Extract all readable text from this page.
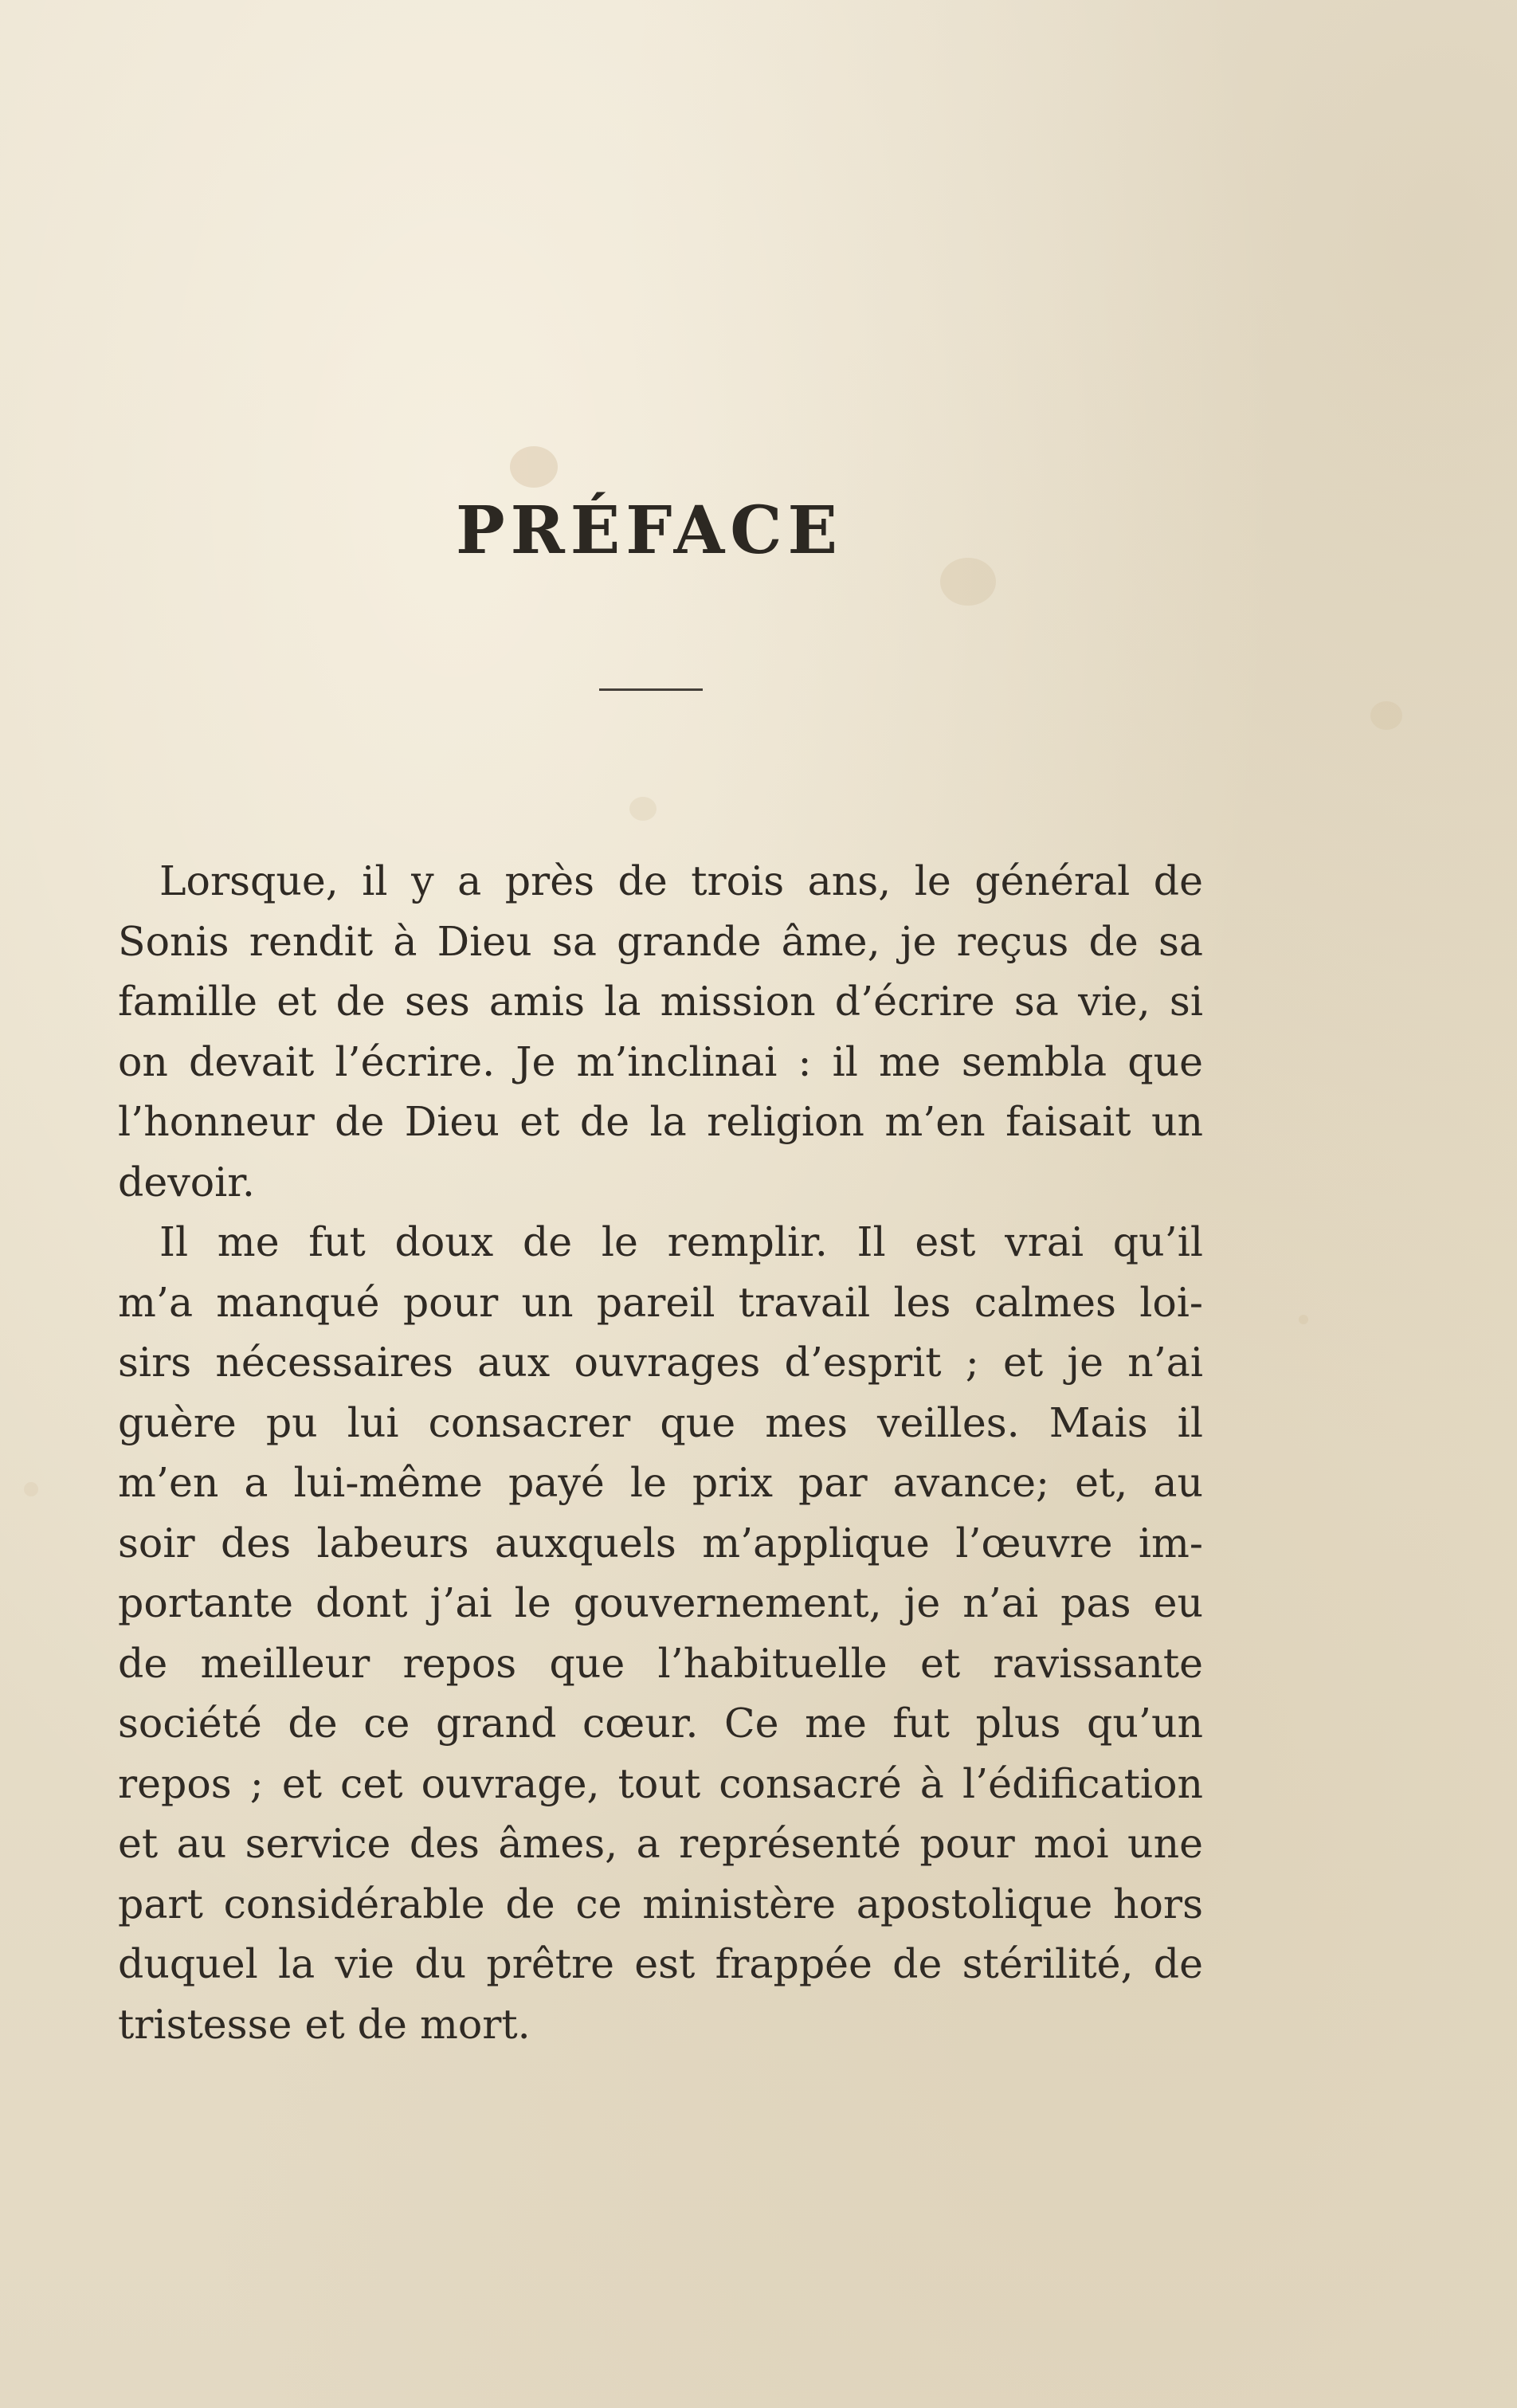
PRÉFACE
Lorsque, il y a près de trois ans, le général de
Sonis rendit à Dieu sa grande âme, je reçus de sa
famille et de ses amis la mission d’écrire sa vie, si
on devait l’écrire. Je m’inclinai : il me sembla que
l’honneur de Dieu et de la religion m’en faisait un
devoir.
Il me fut doux de le remplir. Il est vrai qu’il
m’a manqué pour un pareil travail les calmes loi-
sirs nécessaires aux ouvrages d’esprit ; et je n’ai
guère pu lui consacrer que mes veilles. Mais il
m’en a lui-même payé le prix par avance; et, au
soir des labeurs auxquels m’applique l’œuvre im-
portante dont j’ai le gouvernement, je n’ai pas eu
de meilleur repos que l’habituelle et ravissante
société de ce grand cœur. Ce me fut plus qu’un
repos ; et cet ouvrage, tout consacré à l’édification
et au service des âmes, a représenté pour moi une
part considérable de ce ministère apostolique hors
duquel la vie du prêtre est frappée de stérilité, de
tristesse et de mort.
